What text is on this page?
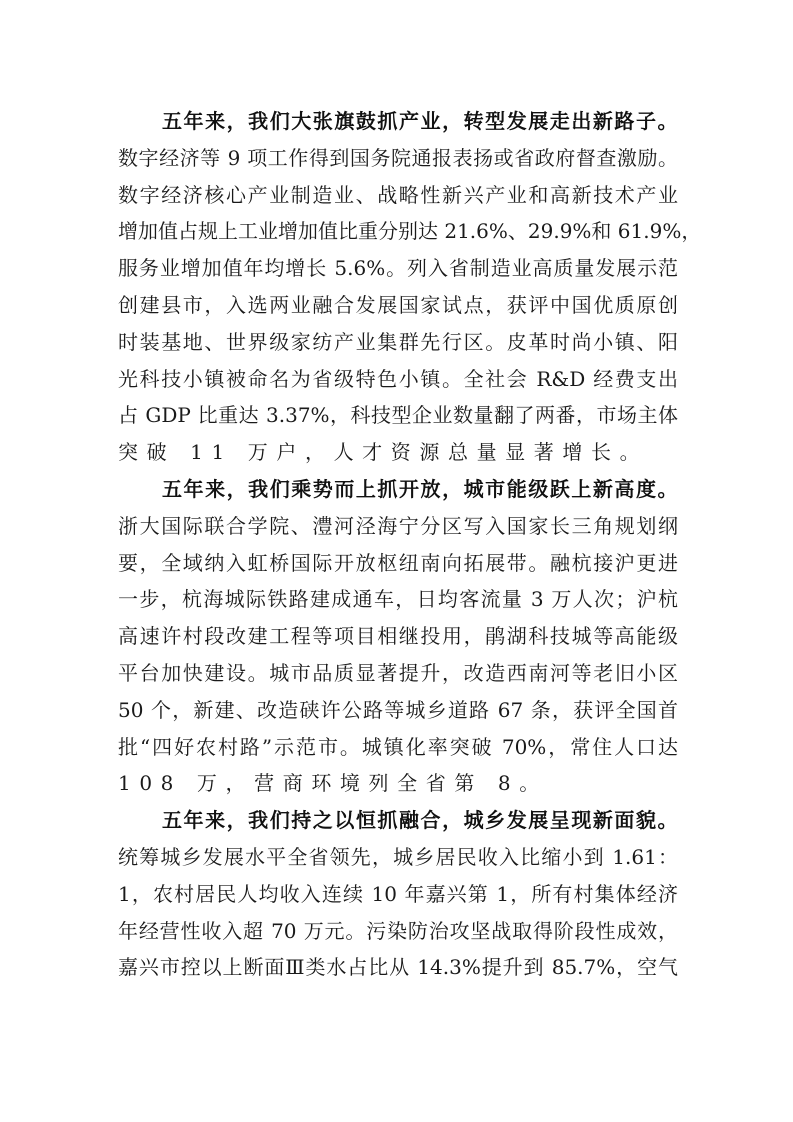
五年来，我们大张旗鼓抓产业，转型发展走出新路子。
数字经济等 9 项工作得到国务院通报表扬或省政府督查激励。
数字经济核心产业制造业、战略性新兴产业和高新技术产业
增加值占规上工业增加值比重分别达 21.6%、29.9%和 61.9%，
服务业增加值年均增长 5.6%。列入省制造业高质量发展示范
创建县市，入选两业融合发展国家试点，获评中国优质原创
时装基地、世界级家纺产业集群先行区。皮革时尚小镇、阳
光科技小镇被命名为省级特色小镇。全社会 R&D 经费支出
占 GDP 比重达 3.37%，科技型企业数量翻了两番，市场主体
突破 11 万户，人才资源总量显著增长。
五年来，我们乘势而上抓开放，城市能级跃上新高度。
浙大国际联合学院、澧河泾海宁分区写入国家长三角规划纲
要，全域纳入虹桥国际开放枢纽南向拓展带。融杭接沪更进
一步，杭海城际铁路建成通车，日均客流量 3 万人次；沪杭
高速许村段改建工程等项目相继投用，鹃湖科技城等高能级
平台加快建设。城市品质显著提升，改造西南河等老旧小区
50 个，新建、改造硖许公路等城乡道路 67 条，获评全国首
批“四好农村路”示范市。城镇化率突破 70%，常住人口达
108 万，营商环境列全省第 8。
五年来，我们持之以恒抓融合，城乡发展呈现新面貌。
统筹城乡发展水平全省领先，城乡居民收入比缩小到 1.61：
1，农村居民人均收入连续 10 年嘉兴第 1，所有村集体经济
年经营性收入超 70 万元。污染防治攻坚战取得阶段性成效，
嘉兴市控以上断面Ⅲ类水占比从 14.3%提升到 85.7%，空气
